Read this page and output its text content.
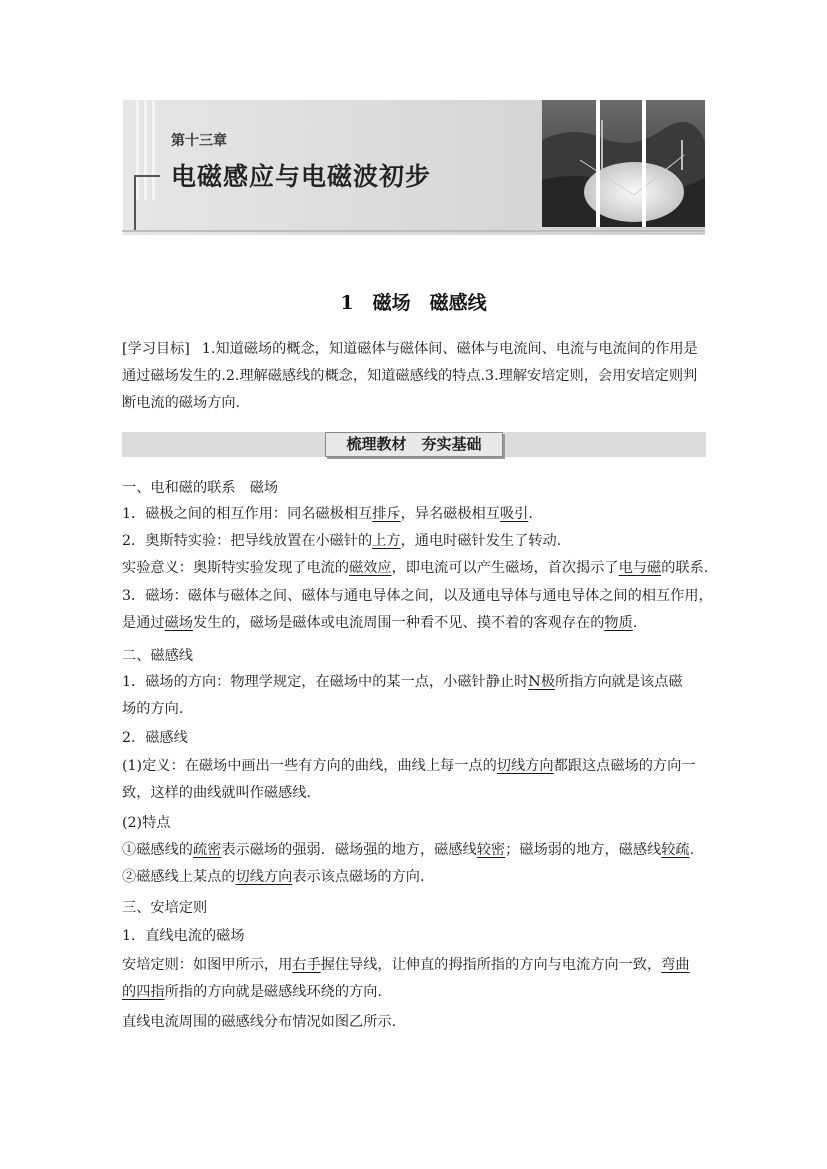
第十三章
电磁感应与电磁波初步
1　磁场　磁感线
[学习目标] 1.知道磁场的概念，知道磁体与磁体间、磁体与电流间、电流与电流间的作用是通过磁场发生的.2.理解磁感线的概念，知道磁感线的特点.3.理解安培定则，会用安培定则判断电流的磁场方向.
梳理教材　夯实基础
一、电和磁的联系　磁场
1．磁极之间的相互作用：同名磁极相互排斥，异名磁极相互吸引.
2．奥斯特实验：把导线放置在小磁针的上方，通电时磁针发生了转动.
实验意义：奥斯特实验发现了电流的磁效应，即电流可以产生磁场，首次揭示了电与磁的联系.
3．磁场：磁体与磁体之间、磁体与通电导体之间，以及通电导体与通电导体之间的相互作用，
是通过磁场发生的，磁场是磁体或电流周围一种看不见、摸不着的客观存在的物质.
二、磁感线
1．磁场的方向：物理学规定，在磁场中的某一点，小磁针静止时N极所指方向就是该点磁
场的方向.
2．磁感线
(1)定义：在磁场中画出一些有方向的曲线，曲线上每一点的切线方向都跟这点磁场的方向一
致，这样的曲线就叫作磁感线.
(2)特点
①磁感线的疏密表示磁场的强弱．磁场强的地方，磁感线较密；磁场弱的地方，磁感线较疏.
②磁感线上某点的切线方向表示该点磁场的方向.
三、安培定则
1．直线电流的磁场
安培定则：如图甲所示，用右手握住导线，让伸直的拇指所指的方向与电流方向一致，弯曲
的四指所指的方向就是磁感线环绕的方向.
直线电流周围的磁感线分布情况如图乙所示.
